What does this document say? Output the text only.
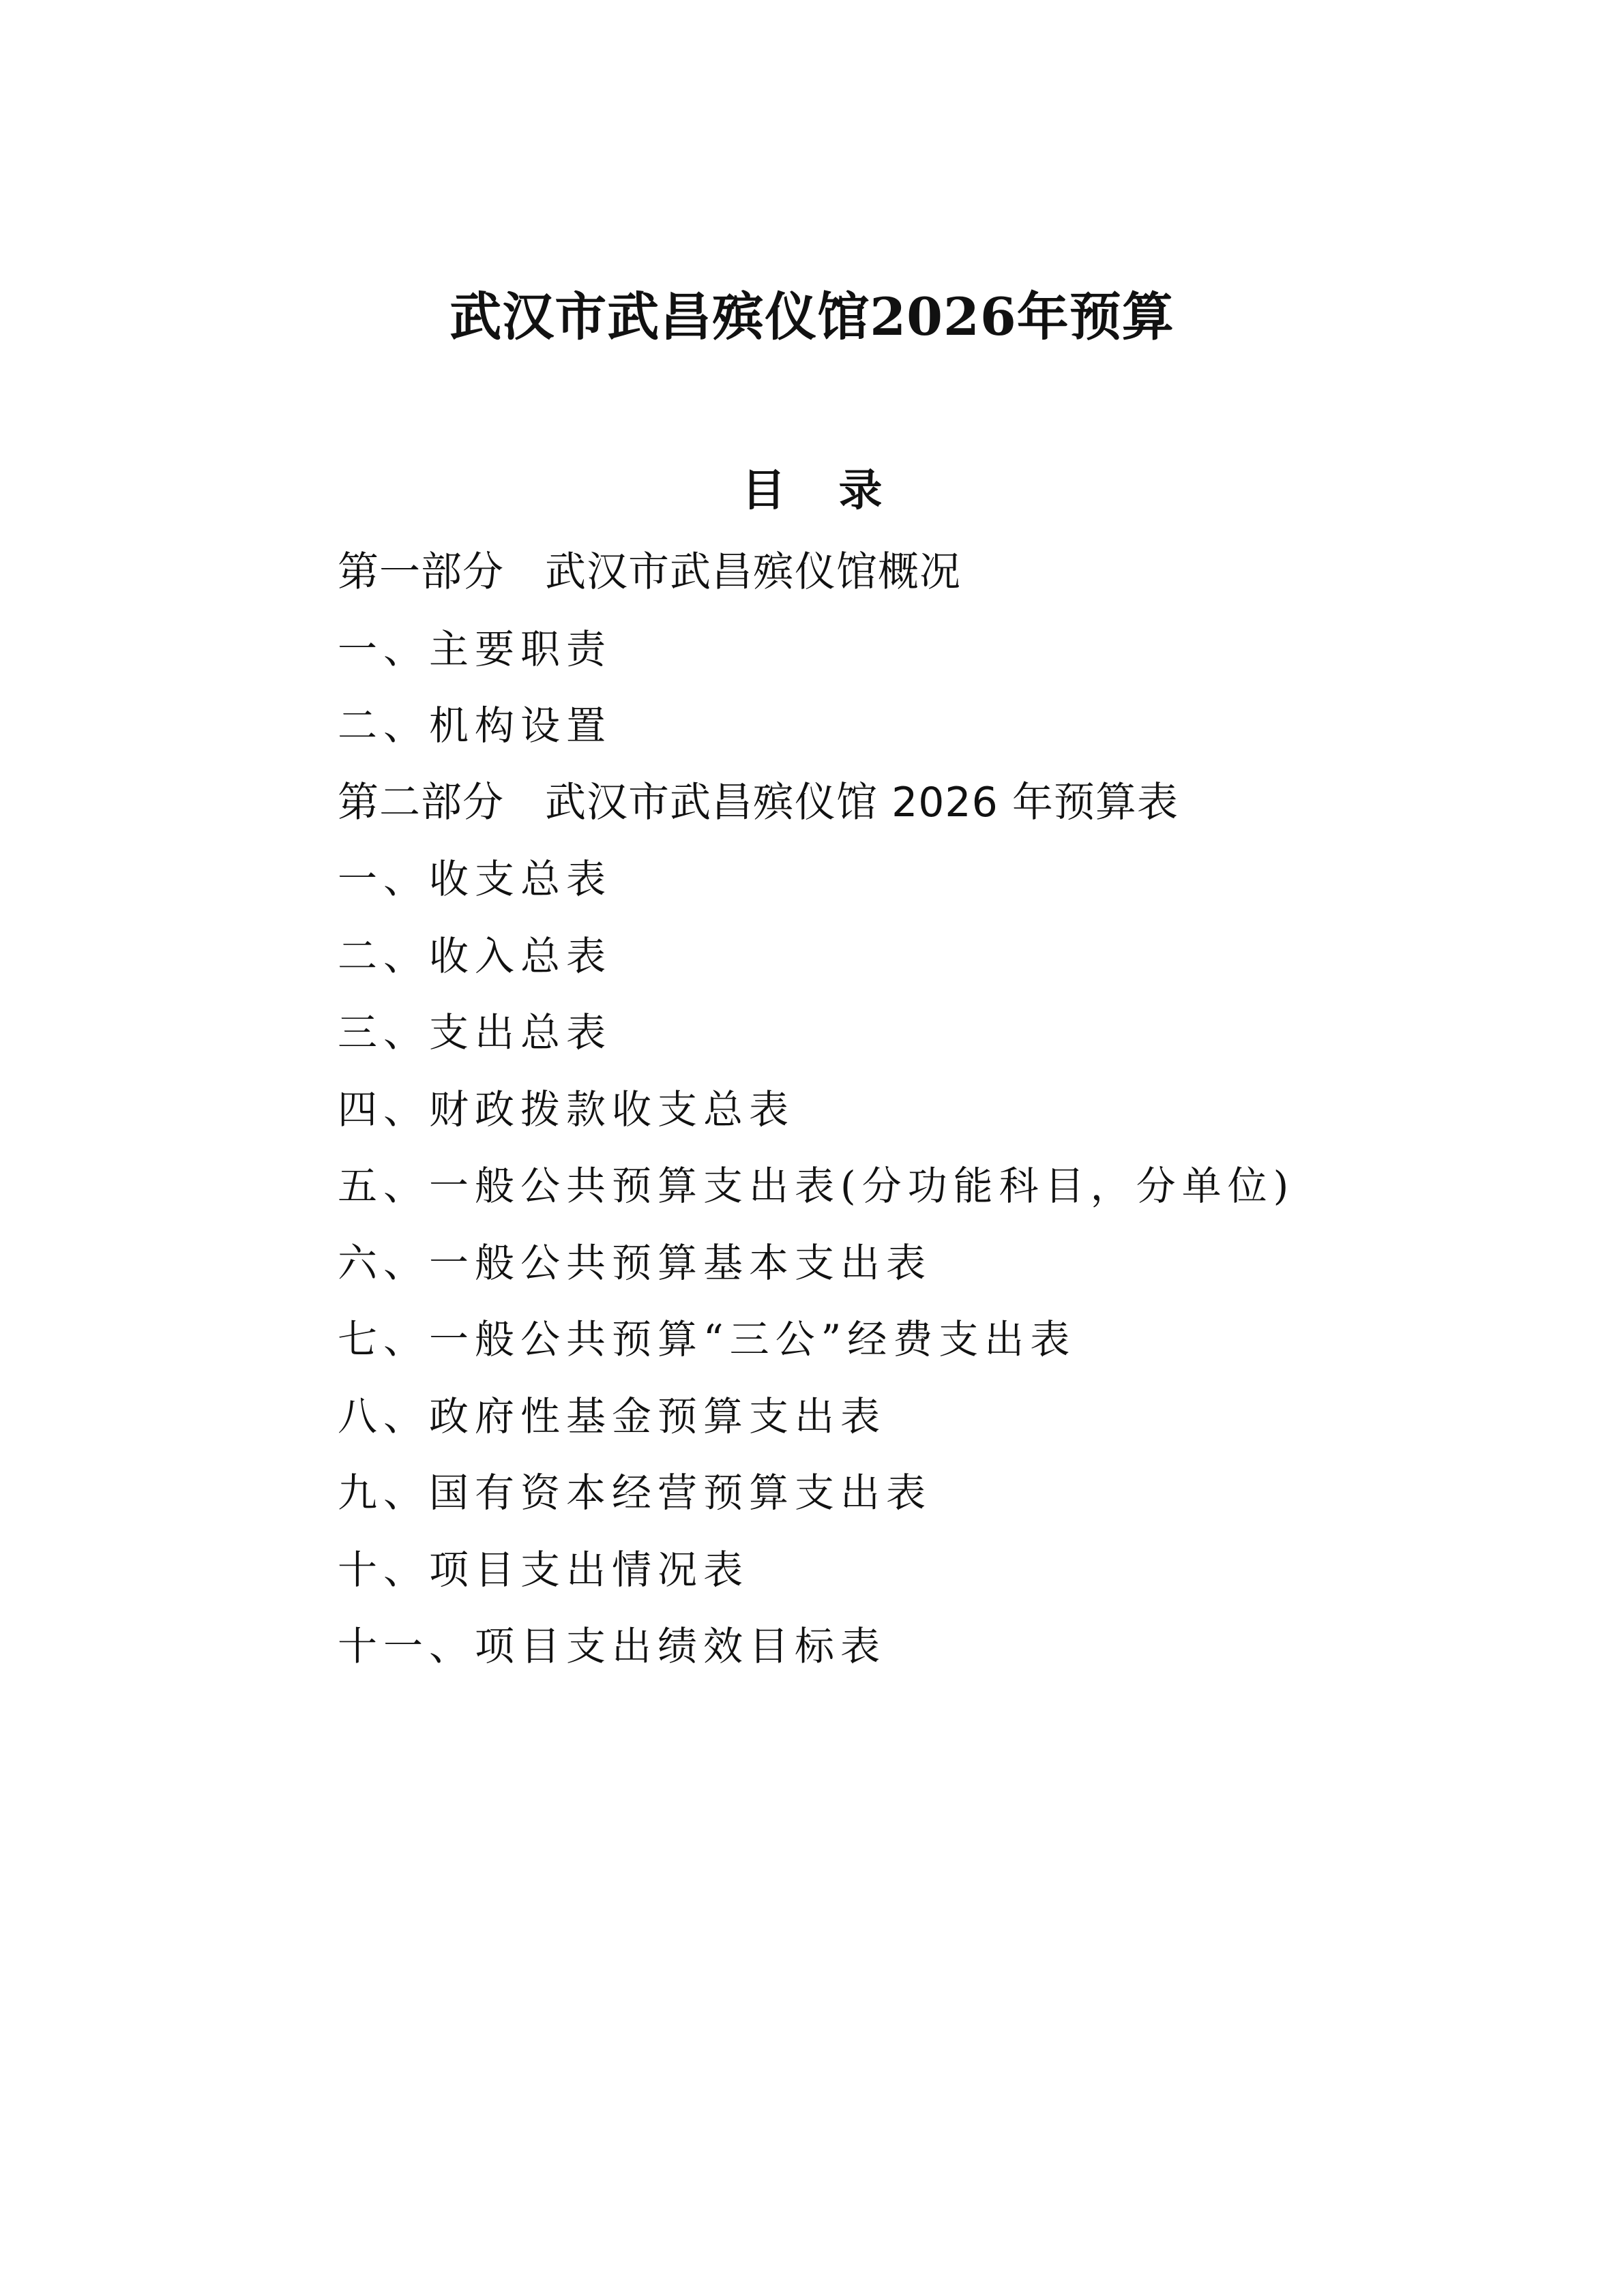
武汉市武昌殡仪馆2026年预算
目 录
第一部分 武汉市武昌殡仪馆概况
一、主要职责
二、机构设置
第二部分 武汉市武昌殡仪馆 2026 年预算表
一、收支总表
二、收入总表
三、支出总表
四、财政拨款收支总表
五、一般公共预算支出表(分功能科目，分单位)
六、一般公共预算基本支出表
七、一般公共预算“三公”经费支出表
八、政府性基金预算支出表
九、国有资本经营预算支出表
十、项目支出情况表
十一、项目支出绩效目标表
